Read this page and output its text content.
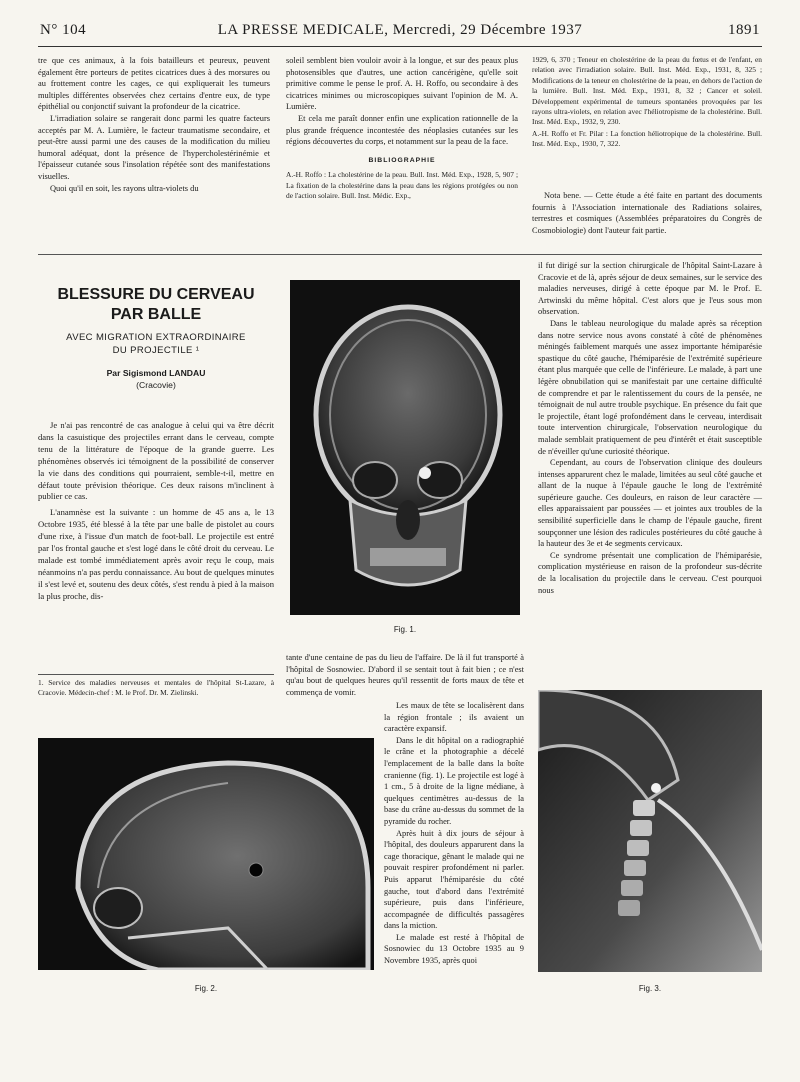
N° 104	LA PRESSE MEDICALE, Mercredi, 29 Décembre 1937	1891

tre que ces animaux, à la fois batailleurs et peureux, peuvent également être porteurs de petites cicatrices dues à des morsures ou au frottement contre les cages, ce qui expliquerait les tumeurs multiples différentes observées chez certains d'entre eux, de type épithélial ou conjonctif suivant la profondeur de la cicatrice.

L'irradiation solaire se rangerait donc parmi les quatre facteurs acceptés par M. A. Lumière, le facteur traumatisme secondaire, et peut-être aussi parmi une des causes de la modification du milieu humoral adéquat, dont la présence de l'hypercholestérinémie et l'épaisseur cutanée sous l'insolation répétée sont des manifestations visuelles.

Quoi qu'il en soit, les rayons ultra-violets du

soleil semblent bien vouloir avoir à la longue, et sur des peaux plus photosensibles que d'autres, une action cancérigène, qu'elle soit primitive comme le pense le prof. A. H. Roffo, ou secondaire à des cicatrices minimes ou microscopiques suivant l'opinion de M. A. Lumière.

Et cela me paraît donner enfin une explication rationnelle de la plus grande fréquence incontestée des néoplasies cutanées sur les régions découvertes du corps, et notamment sur la peau de la face.

BIBLIOGRAPHIE
A.-H. Roffo : La cholestérine de la peau. Bull. Inst. Méd. Exp., 1928, 5, 907 ; La fixation de la cholestérine dans la peau dans les régions protégées ou non de l'action solaire. Bull. Inst. Médic. Exp.,

1929, 6, 370 ; Teneur en cholestérine de la peau du fœtus et de l'enfant, en relation avec l'irradiation solaire. Bull. Inst. Méd. Exp., 1931, 8, 325 ; Modifications de la teneur en cholestérine de la peau, en dehors de l'action de la lumière. Bull. Inst. Méd. Exp., 1931, 8, 32 ; Cancer et soleil. Développement expérimental de tumeurs spontanées provoquées par les rayons ultra-violets, en relation avec l'héliotropisme de la cholestérine. Bull. Inst. Méd. Exp., 1932, 9, 230.

A.-H. Roffo et Fr. Pilar : La fonction héliotropique de la cholestérine. Bull. Inst. Méd. Exp., 1930, 7, 322.

Nota bene. — Cette étude a été faite en partant des documents fournis à l'Association internationale des Radiations solaires, terrestres et cosmiques (Assemblées préparatoires du Congrès de Cosmobiologie) dont l'auteur fait partie.

BLESSURE DU CERVEAU
PAR BALLE
AVEC MIGRATION EXTRAORDINAIRE
DU PROJECTILE ¹
Par Sigismond LANDAU
(Cracovie)

Je n'ai pas rencontré de cas analogue à celui qui va être décrit dans la casuistique des projectiles errant dans le cerveau, compte tenu de la littérature de l'époque de la grande guerre. Les phénomènes observés ici témoignent de la possibilité de conserver la vie dans des conditions qui pourraient, semble-t-il, mettre en défaut toute prévision théorique. Ces deux raisons m'inclinent à publier ce cas.

L'anamnèse est la suivante : un homme de 45 ans a, le 13 Octobre 1935, été blessé à la tête par une balle de pistolet au cours d'une rixe, à l'issue d'un match de foot-ball. Le projectile est entré par l'os frontal gauche et s'est logé dans le côté droit du cerveau. Le malade est tombé immédiatement après avoir reçu le coup, mais néanmoins n'a pas perdu connaissance. Au bout de quelques minutes il s'est levé et, soutenu des deux côtés, s'est rendu à pied à la maison la plus proche, dis-

1. Service des maladies nerveuses et mentales de l'hôpital St-Lazare, à Cracovie. Médecin-chef : M. le Prof. Dr. M. Zielinski.
Fig. 1.

tante d'une centaine de pas du lieu de l'affaire. De là il fut transporté à l'hôpital de Sosnowiec. D'abord il se sentait tout à fait bien ; ce n'est qu'au bout de quelques heures qu'il ressentit de forts maux de tête et commença de vomir.

Les maux de tête se localisèrent dans la région frontale ; ils avaient un caractère expansif.

Dans le dit hôpital on a radiographié le crâne et la photographie a décelé l'emplacement de la balle dans la boîte cranienne (fig. 1). Le projectile est logé à 1 cm., 5 à droite de la ligne médiane, à quelques centimètres au-dessus de la base du crâne au-dessus du sommet de la pyramide du rocher.

Après huit à dix jours de séjour à l'hôpital, des douleurs apparurent dans la cage thoracique, gênant le malade qui ne pouvait respirer profondément ni parler. Puis apparut l'hémiparésie du côté gauche, tout d'abord dans l'extrémité supérieure, puis dans l'inférieure, accompagnée de difficultés passagères dans la miction.

Le malade est resté à l'hôpital de Sosnowiec du 13 Octobre 1935 au 9 Novembre 1935, après quoi

Fig. 2.

il fut dirigé sur la section chirurgicale de l'hôpital Saint-Lazare à Cracovie et de là, après séjour de deux semaines, sur le service des maladies nerveuses, dirigé à cette époque par M. le Prof. E. Artwinski du même hôpital. C'est alors que je l'eus sous mon observation.

Dans le tableau neurologique du malade après sa réception dans notre service nous avons constaté à côté de phénomènes méningés faiblement marqués une assez importante hémiparésie spastique du côté gauche, l'hémiparésie de l'extrémité supérieure étant plus marquée que celle de l'inférieure. Le malade, à part une légère obnubilation qui se manifestait par une certaine difficulté de comprendre et par le ralentissement du cours de la pensée, ne témoignait de nul autre trouble psychique. En présence du fait que le projectile, étant logé profondément dans le cerveau, interdisait toute intervention chirurgicale, l'observation neurologique du malade semblait pratiquement de peu d'intérêt et était susceptible de n'éveiller qu'une curiosité théorique.

Cependant, au cours de l'observation clinique des douleurs intenses apparurent chez le malade, limitées au seul côté gauche et allant de la nuque à l'épaule gauche le long de l'extrémité supérieure gauche. Ces douleurs, en raison de leur caractère — elles apparaissaient par poussées — et jointes aux troubles de la sensibilité superficielle dans le champ de l'épaule gauche, firent soupçonner une lésion des radicules postérieures du côté gauche à la hauteur des 3e et 4e segments cervicaux.

Ce syndrome présentait une complication de l'hémiparésie, complication mystérieuse en raison de la profondeur sus-décrite de la localisation du projectile dans le cerveau. C'est pourquoi nous

Fig. 3.
